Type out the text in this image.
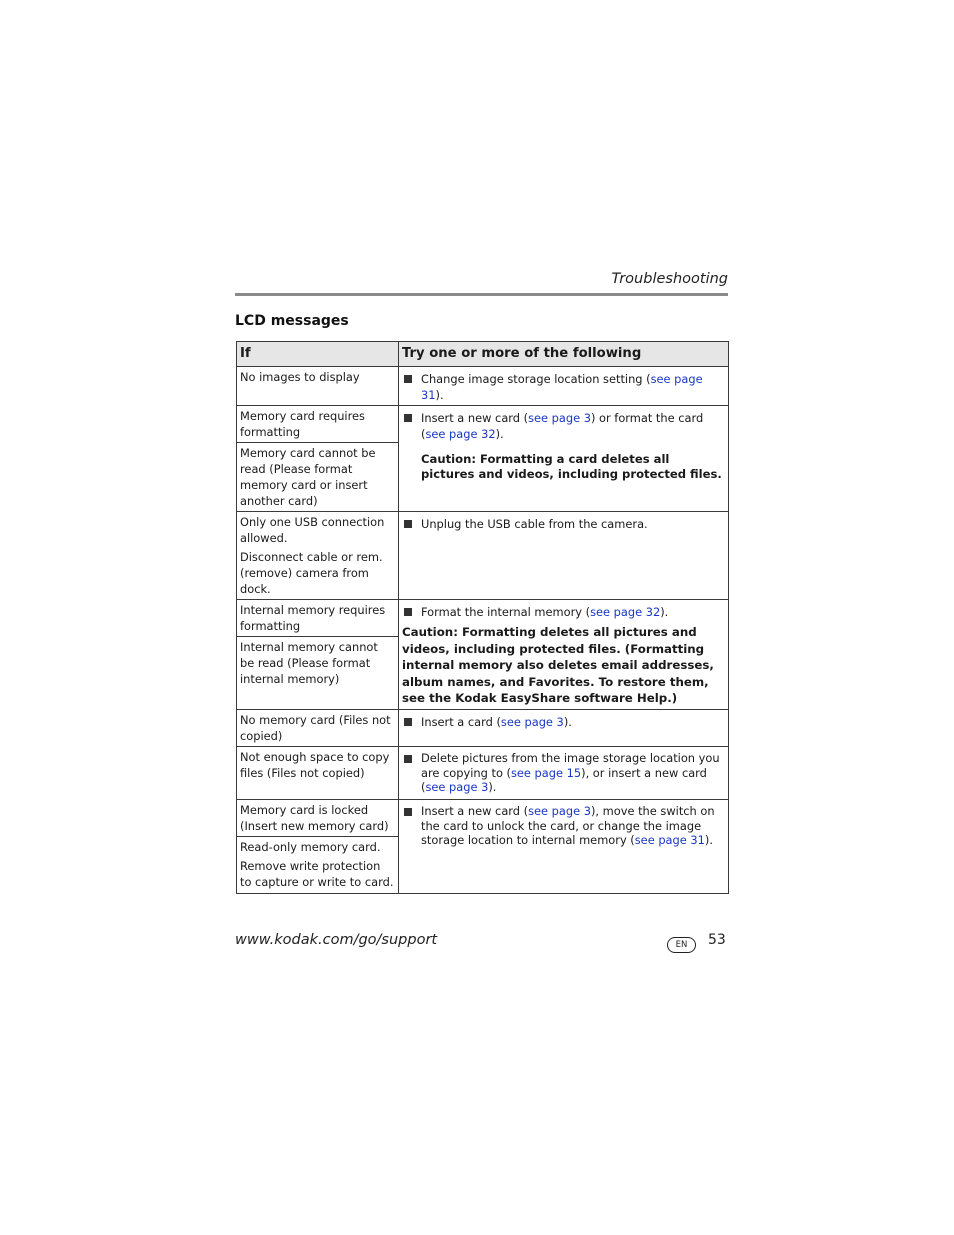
Troubleshooting
LCD messages
If	Try one or more of the following

No images to display	Change image storage location setting (see page 31).

Memory card requires formatting	Insert a new card (see page 3) or format the card (see page 32).
Caution: Formatting a card deletes all pictures and videos, including protected files.

Memory card cannot be read (Please format memory card or insert another card)	

Only one USB connection allowed.
Disconnect cable or rem. (remove) camera from dock.	Unplug the USB cable from the camera.

Internal memory requires formatting	Format the internal memory (see page 32).
Caution: Formatting deletes all pictures and videos, including protected files. (Formatting internal memory also deletes email addresses, album names, and Favorites. To restore them, see the Kodak EasyShare software Help.)

Internal memory cannot be read (Please format internal memory)	

No memory card (Files not copied)	Insert a card (see page 3).

Not enough space to copy files (Files not copied)	Delete pictures from the image storage location you are copying to (see page 15), or insert a new card (see page 3).

Memory card is locked (Insert new memory card)	Insert a new card (see page 3), move the switch on the card to unlock the card, or change the image storage location to internal memory (see page 31).

Read-only memory card.
Remove write protection to capture or write to card.	
www.kodak.com/go/support	EN	53
